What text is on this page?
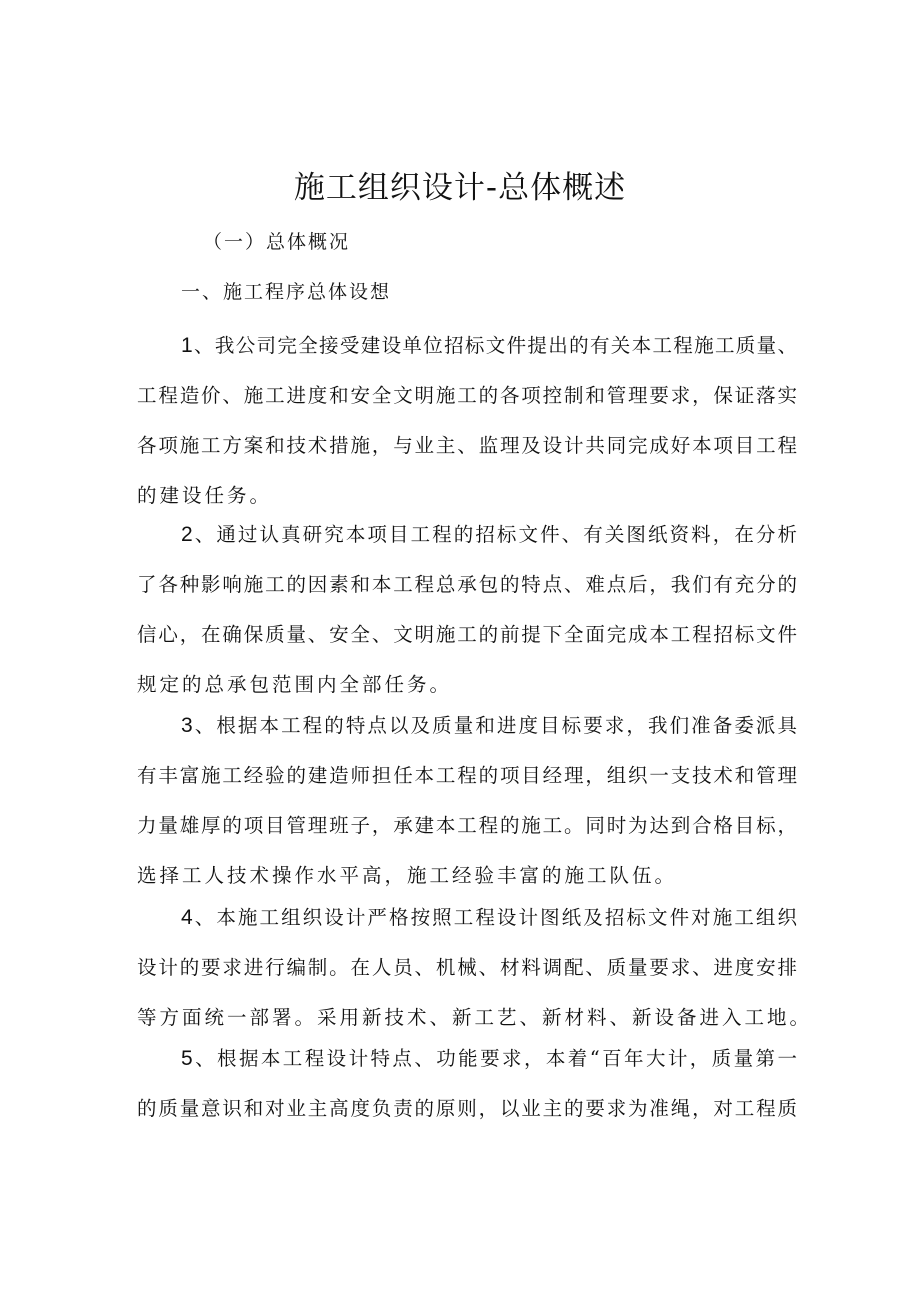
施工组织设计-总体概述
（一）总体概况
一、施工程序总体设想
1、我公司完全接受建设单位招标文件提出的有关本工程施工质量、
工程造价、施工进度和安全文明施工的各项控制和管理要求，保证落实
各项施工方案和技术措施，与业主、监理及设计共同完成好本项目工程
的建设任务。
2、通过认真研究本项目工程的招标文件、有关图纸资料，在分析
了各种影响施工的因素和本工程总承包的特点、难点后，我们有充分的
信心，在确保质量、安全、文明施工的前提下全面完成本工程招标文件
规定的总承包范围内全部任务。
3、根据本工程的特点以及质量和进度目标要求，我们准备委派具
有丰富施工经验的建造师担任本工程的项目经理，组织一支技术和管理
力量雄厚的项目管理班子，承建本工程的施工。同时为达到合格目标，
选择工人技术操作水平高，施工经验丰富的施工队伍。
4、本施工组织设计严格按照工程设计图纸及招标文件对施工组织
设计的要求进行编制。在人员、机械、材料调配、质量要求、进度安排
等方面统一部署。采用新技术、新工艺、新材料、新设备进入工地。
5、根据本工程设计特点、功能要求，本着“百年大计，质量第一
的质量意识和对业主高度负责的原则，以业主的要求为准绳，对工程质
